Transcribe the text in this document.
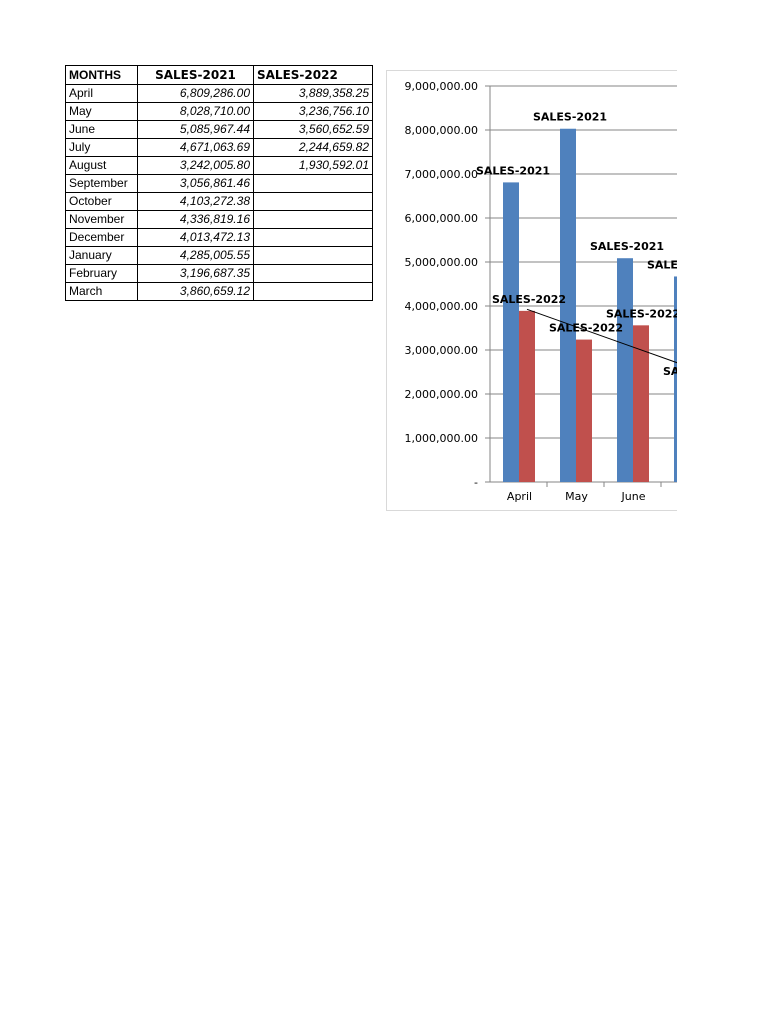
MONTHS	SALES-2021	SALES-2022
April	6,809,286.00	3,889,358.25
May	8,028,710.00	3,236,756.10
June	5,085,967.44	3,560,652.59
July	4,671,063.69	2,244,659.82
August	3,242,005.80	1,930,592.01
September	3,056,861.46	
October	4,103,272.38	
November	4,336,819.16	
December	4,013,472.13	
January	4,285,005.55	
February	3,196,687.35	
March	3,860,659.12	
-
1,000,000.00
2,000,000.00
3,000,000.00
4,000,000.00
5,000,000.00
6,000,000.00
7,000,000.00
8,000,000.00
9,000,000.00
April	May	June	July
SALES-2021
SALES-2022
SALES-2021
SALES-2022
SALES-2021
SALES-2022
SALES-2021
SALES-2022
